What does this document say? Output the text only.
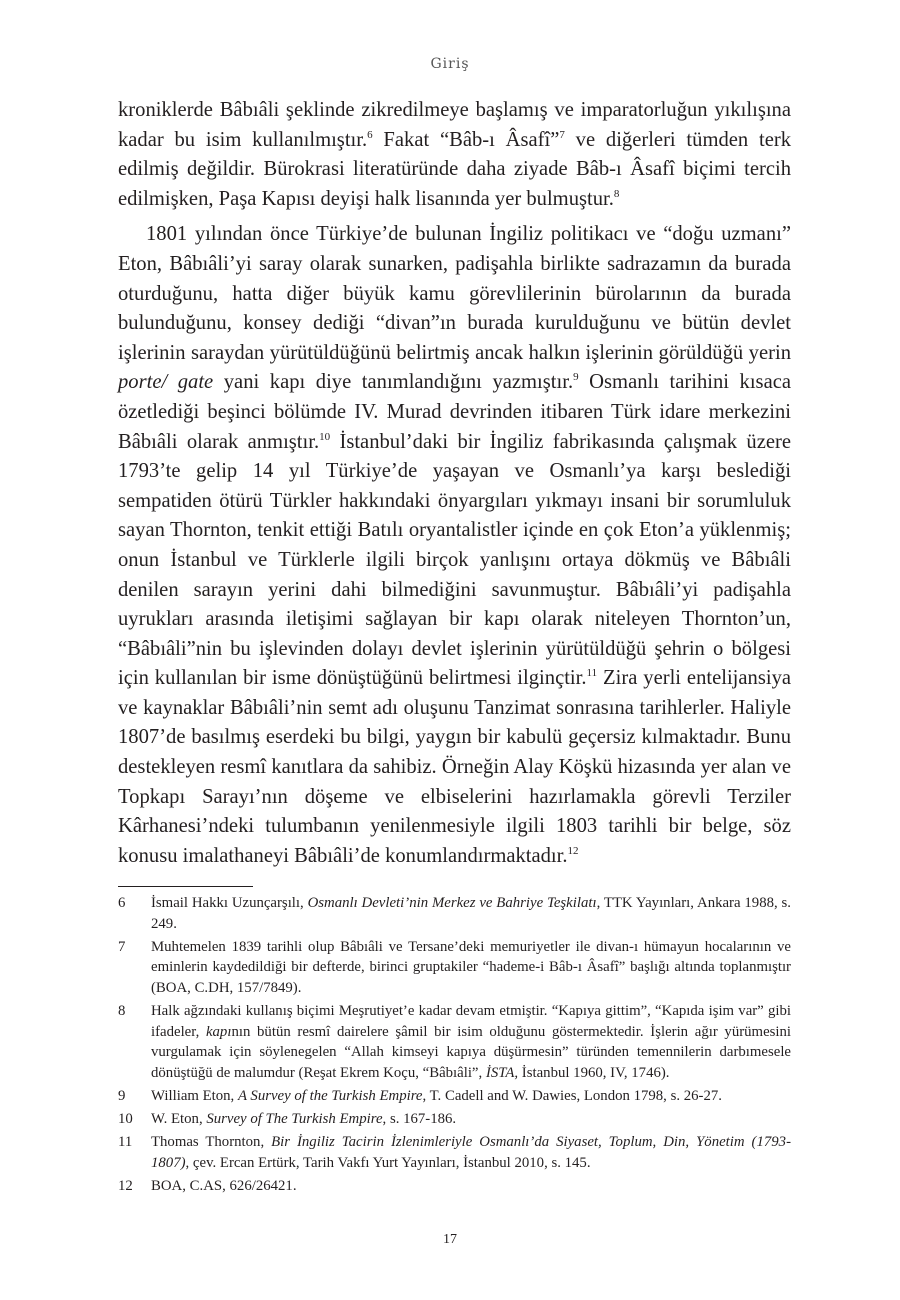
Giriş

kroniklerde Bâbıâli şeklinde zikredilmeye başlamış ve imparatorluğun yıkılışına kadar bu isim kullanılmıştır.$^6$ Fakat “Bâb-ı Âsafî”$^7$ ve diğerleri tümden terk edilmiş değildir. Bürokrasi literatüründe daha ziyade Bâb-ı Âsafî biçimi tercih edilmişken, Paşa Kapısı deyişi halk lisanında yer bulmuştur.$^8$

1801 yılından önce Türkiye’de bulunan İngiliz politikacı ve “doğu uzmanı” Eton, Bâbıâli’yi saray olarak sunarken, padişahla birlikte sadrazamın da burada oturduğunu, hatta diğer büyük kamu görevlilerinin bürolarının da burada bulunduğunu, konsey dediği “divan”ın burada kurulduğunu ve bütün devlet işlerinin saraydan yürütüldüğünü belirtmiş ancak halkın işlerinin görüldüğü yerin porte/ gate yani kapı diye tanımlandığını yazmıştır.$^9$ Osmanlı tarihini kısaca özetlediği beşinci bölümde IV. Murad devrinden itibaren Türk idare merkezini Bâbıâli olarak anmıştır.$^{10}$ İstanbul’daki bir İngiliz fabrikasında çalışmak üzere 1793’te gelip 14 yıl Türkiye’de yaşayan ve Osmanlı’ya karşı beslediği sempatiden ötürü Türkler hakkındaki önyargıları yıkmayı insani bir sorumluluk sayan Thornton, tenkit ettiği Batılı oryantalistler içinde en çok Eton’a yüklenmiş; onun İstanbul ve Türklerle ilgili birçok yanlışını ortaya dökmüş ve Bâbıâli denilen sarayın yerini dahi bilmediğini savunmuştur. Bâbıâli’yi padişahla uyrukları arasında iletişimi sağlayan bir kapı olarak niteleyen Thornton’un, “Bâbıâli”nin bu işlevinden dolayı devlet işlerinin yürütüldüğü şehrin o bölgesi için kullanılan bir isme dönüştüğünü belirtmesi ilginçtir.$^{11}$ Zira yerli entelijansiya ve kaynaklar Bâbıâli’nin semt adı oluşunu Tanzimat sonrasına tarihlerler. Haliyle 1807’de basılmış eserdeki bu bilgi, yaygın bir kabulü geçersiz kılmaktadır. Bunu destekleyen resmî kanıtlara da sahibiz. Örneğin Alay Köşkü hizasında yer alan ve Topkapı Sarayı’nın döşeme ve elbiselerini hazırlamakla görevli Terziler Kârhanesi’ndeki tulumbanın yenilenmesiyle ilgili 1803 tarihli bir belge, söz konusu imalathaneyi Bâbıâli’de konumlandırmaktadır.$^{12}$

6	İsmail Hakkı Uzunçarşılı, Osmanlı Devleti’nin Merkez ve Bahriye Teşkilatı, TTK Yayınları, Ankara 1988, s. 249.
7	Muhtemelen 1839 tarihli olup Bâbıâli ve Tersane’deki memuriyetler ile divan-ı hümayun hocalarının ve eminlerin kaydedildiği bir defterde, birinci gruptakiler “hademe-i Bâb-ı Âsafî” başlığı altında toplanmıştır (BOA, C.DH, 157/7849).
8	Halk ağzındaki kullanış biçimi Meşrutiyet’e kadar devam etmiştir. “Kapıya gittim”, “Kapıda işim var” gibi ifadeler, kapının bütün resmî dairelere şâmil bir isim olduğunu göstermektedir. İşlerin ağır yürümesini vurgulamak için söylenegelen “Allah kimseyi kapıya düşürmesin” türünden temennilerin darbımesele dönüştüğü de malumdur (Reşat Ekrem Koçu, “Bâbıâli”, İSTA, İstanbul 1960, IV, 1746).
9	William Eton, A Survey of the Turkish Empire, T. Cadell and W. Dawies, London 1798, s. 26-27.
10	W. Eton, Survey of The Turkish Empire, s. 167-186.
11	Thomas Thornton, Bir İngiliz Tacirin İzlenimleriyle Osmanlı’da Siyaset, Toplum, Din, Yönetim (1793-1807), çev. Ercan Ertürk, Tarih Vakfı Yurt Yayınları, İstanbul 2010, s. 145.
12	BOA, C.AS, 626/26421.
17
